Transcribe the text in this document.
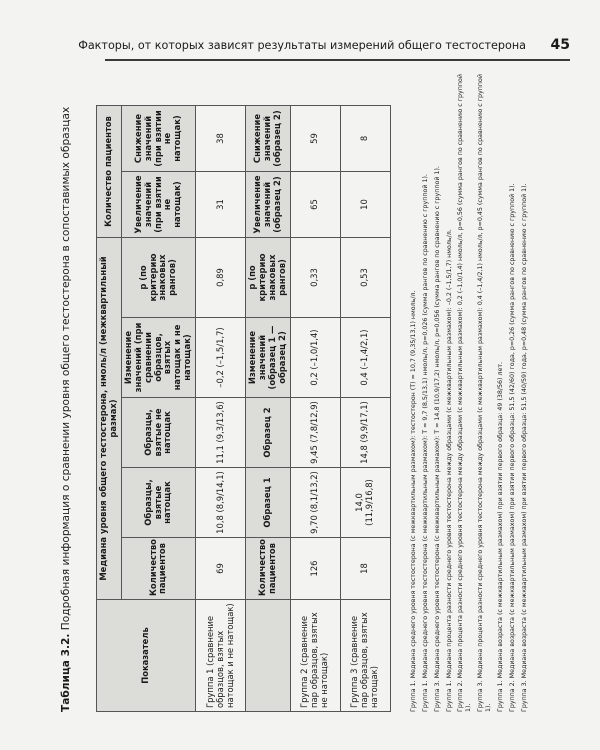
Факторы, от которых зависят результаты измерений общего тестостерона 45
Таблица 3.2. Подробная информация о сравнении уровня общего тестостерона в сопоставимых образцах
Показатель	Медиана уровня общего тестостерона, нмоль/л (межквартильный размах)					Количество пациентов	
	Количество пациентов	Образцы, взятые натощак	Образцы, взятые не натощак	Изменение значений (при сравнении образцов, взятых натощак и не натощак)	p (по критерию знаковых рангов)	Увеличение значений (при взятии не натощак)	Снижение значений (при взятии не натощак)
Группа 1 (сравнение образцов, взятых натощак и не натощак)	69	10,8 (8,9/14,1)	11,1 (9,3/13,6)	–0,2 (–1,5/1,7)	0,89	31	38
	Количество пациентов	Образец 1	Образец 2	Изменение значений (образец 1 — образец 2)	p (по критерию знаковых рангов)	Увеличение значений (образец 2)	Снижение значений (образец 2)
Группа 2 (сравнение пар образцов, взятых не натощак)	126	9,70 (8,1/13,2)	9,45 (7,8/12,9)	0,2 (–1,0/1,4)	0,33	65	59
Группа 3 (сравнение пар образцов, взятых натощак)	18	14,0 (11,9/16,8)	14,8 (9,9/17,1)	0,4 (–1,4/2,1)	0,53	10	8
Группа 1. Медиана среднего уровня тестостерона (с межквартильным размахом): тестостерон (T) = 10,7 (9,35/13,1) нмоль/л. Группа 1. Медиана среднего уровня тестостерона (с межквартильным размахом): T = 9,7 (8,5/13,1) нмоль/л, p=0,026 (сумма рангов по сравнению с группой 1). Группа 3. Медиана среднего уровня тестостерона (с межквартильным размахом): T = 14,8 (10,9/17,2) нмоль/л, p=0,056 (сумма рангов по сравнению с группой 1). Группа 1. Медиана процента разности среднего уровня тестостерона между образцами (с межквартильным размахом): –0,2 (–1,5/1,7) нмоль/л. Группа 2. Медиана процента разности среднего уровня тестостерона между образцами (с межквартильным размахом): 0,2 (–1,0/1,4) нмоль/л, p=0,56 (сумма рангов по сравнению с группой 1). Группа 3. Медиана процента разности среднего уровня тестостерона между образцами (с межквартильным размахом): 0,4 (–1,4/2,1) нмоль/л, p=0,45 (сумма рангов по сравнению с группой 1). Группа 1. Медиана возраста (с межквартильным размахом) при взятии первого образца: 49 (38/56) лет. Группа 2. Медиана возраста (с межквартильным размахом) при взятии первого образца: 51,5 (42/60) года, p=0,26 (сумма рангов по сравнению с группой 1). Группа 3. Медиана возраста (с межквартильным размахом) при взятии первого образца: 51,5 (40/59) года, p=0,48 (сумма рангов по сравнению с группой 1).
